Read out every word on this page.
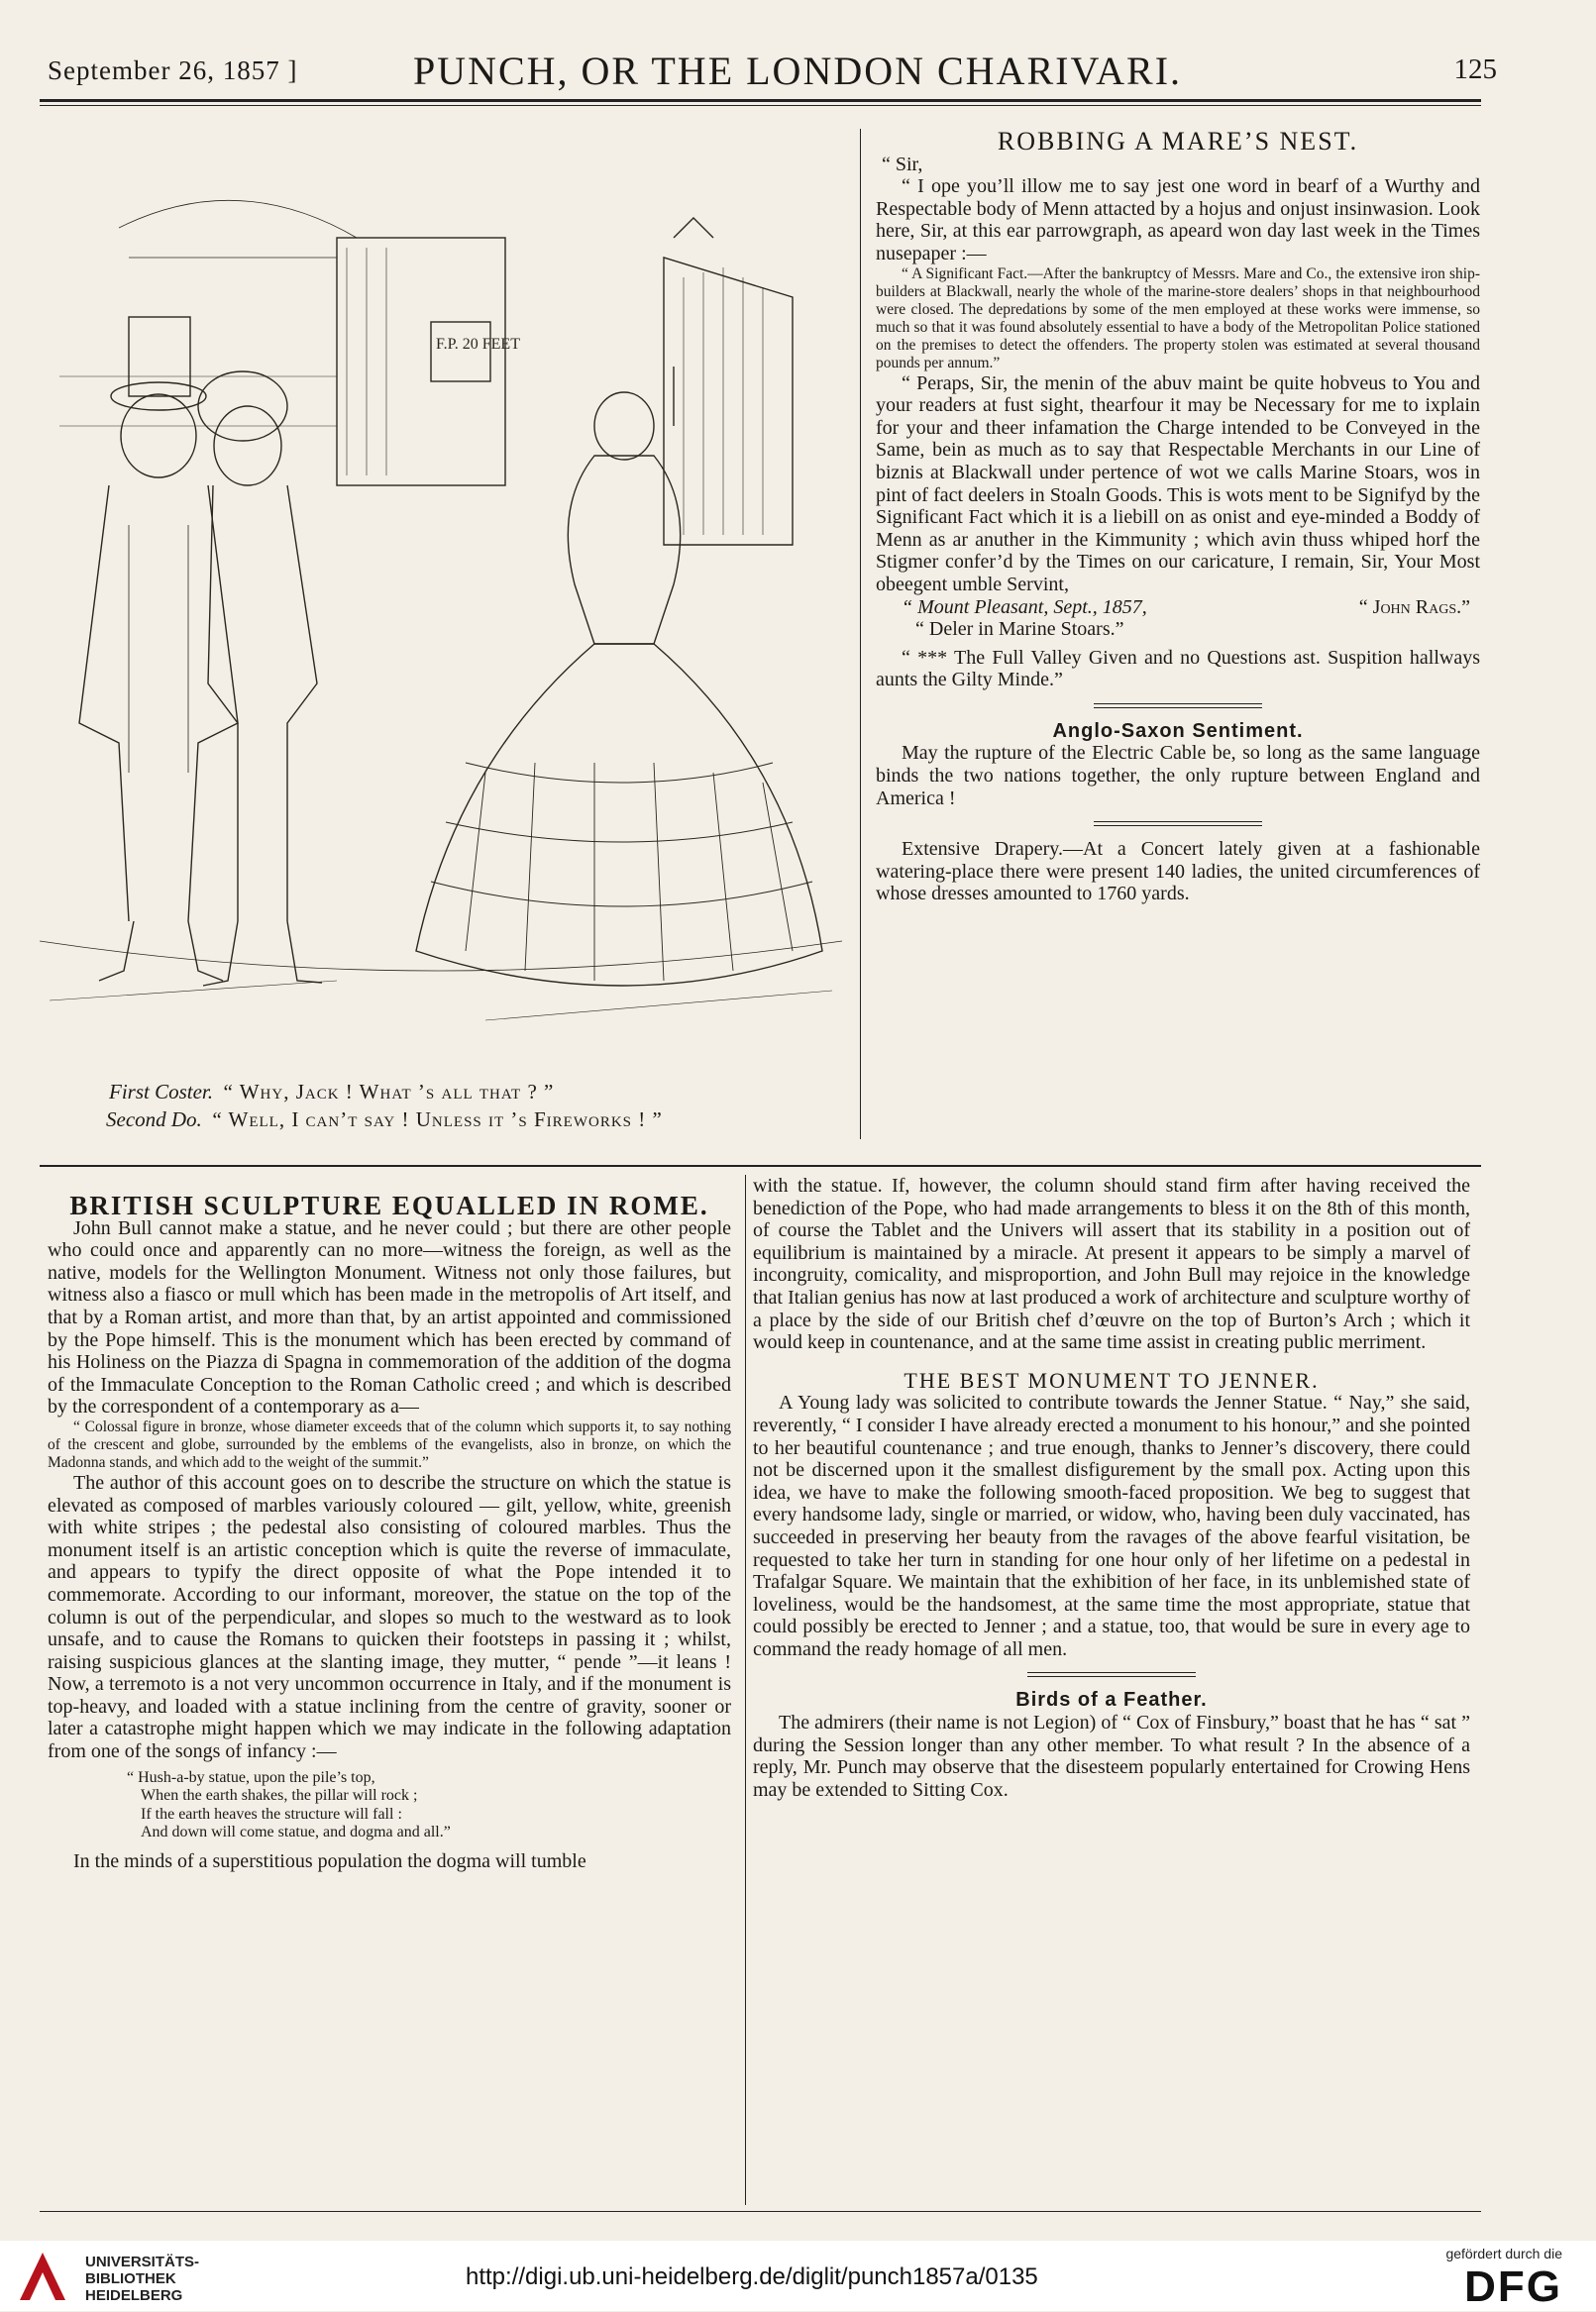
September 26, 1857 ]	PUNCH, OR THE LONDON CHARIVARI.	125
F.P. 20 FEET
First Coster. “ Why, Jack ! What ’s all that ? ”
Second Do. “ Well, I can’t say ! Unless it ’s Fireworks ! ”

ROBBING A MARE’S NEST.

“ Sir,

“ I ope you’ll illow me to say jest one word in bearf of a Wurthy and Respectable body of Menn attacted by a hojus and onjust insinwasion. Look here, Sir, at this ear parrowgraph, as apeard won day last week in the Times nusepaper :—

“ A Significant Fact.—After the bankruptcy of Messrs. Mare and Co., the extensive iron ship-builders at Blackwall, nearly the whole of the marine-store dealers’ shops in that neighbourhood were closed. The depredations by some of the men employed at these works were immense, so much so that it was found absolutely essential to have a body of the Metropolitan Police stationed on the premises to detect the offenders. The property stolen was estimated at several thousand pounds per annum.”

“ Peraps, Sir, the menin of the abuv maint be quite hobveus to You and your readers at fust sight, thearfour it may be Necessary for me to ixplain for your and theer infamation the Charge intended to be Conveyed in the Same, bein as much as to say that Respectable Merchants in our Line of biznis at Blackwall under pertence of wot we calls Marine Stoars, wos in pint of fact deelers in Stoaln Goods. This is wots ment to be Signifyd by the Significant Fact which it is a liebill on as onist and eye-minded a Boddy of Menn as ar anuther in the Kimmunity ; which avin thuss whiped horf the Stigmer confer’d by the Times on our caricature, I remain, Sir, Your Most obeegent umble Servint,

“ Mount Pleasant, Sept., 1857,	“ John Rags.”

“ Deler in Marine Stoars.”

“ *** The Full Valley Given and no Questions ast. Suspition hallways aunts the Gilty Minde.”

Anglo-Saxon Sentiment.

May the rupture of the Electric Cable be, so long as the same language binds the two nations together, the only rupture between England and America !

Extensive Drapery.—At a Concert lately given at a fashionable watering-place there were present 140 ladies, the united circumferences of whose dresses amounted to 1760 yards.

BRITISH SCULPTURE EQUALLED IN ROME.

John Bull cannot make a statue, and he never could ; but there are other people who could once and apparently can no more—witness the foreign, as well as the native, models for the Wellington Monument. Witness not only those failures, but witness also a fiasco or mull which has been made in the metropolis of Art itself, and that by a Roman artist, and more than that, by an artist appointed and commissioned by the Pope himself. This is the monument which has been erected by command of his Holiness on the Piazza di Spagna in commemoration of the addition of the dogma of the Immaculate Conception to the Roman Catholic creed ; and which is described by the correspondent of a contemporary as a—

“ Colossal figure in bronze, whose diameter exceeds that of the column which supports it, to say nothing of the crescent and globe, surrounded by the emblems of the evangelists, also in bronze, on which the Madonna stands, and which add to the weight of the summit.”

The author of this account goes on to describe the structure on which the statue is elevated as composed of marbles variously coloured — gilt, yellow, white, greenish with white stripes ; the pedestal also consisting of coloured marbles. Thus the monument itself is an artistic conception which is quite the reverse of immaculate, and appears to typify the direct opposite of what the Pope intended it to commemorate. According to our informant, moreover, the statue on the top of the column is out of the perpendicular, and slopes so much to the westward as to look unsafe, and to cause the Romans to quicken their footsteps in passing it ; whilst, raising suspicious glances at the slanting image, they mutter, “ pende ”—it leans ! Now, a terremoto is a not very uncommon occurrence in Italy, and if the monument is top-heavy, and loaded with a statue inclining from the centre of gravity, sooner or later a catastrophe might happen which we may indicate in the following adaptation from one of the songs of infancy :—

“ Hush-a-by statue, upon the pile’s top,
When the earth shakes, the pillar will rock ;
If the earth heaves the structure will fall :
And down will come statue, and dogma and all.”

In the minds of a superstitious population the dogma will tumble

with the statue. If, however, the column should stand firm after having received the benediction of the Pope, who had made arrangements to bless it on the 8th of this month, of course the Tablet and the Univers will assert that its stability in a position out of equilibrium is maintained by a miracle. At present it appears to be simply a marvel of incongruity, comicality, and misproportion, and John Bull may rejoice in the knowledge that Italian genius has now at last produced a work of architecture and sculpture worthy of a place by the side of our British chef d’œuvre on the top of Burton’s Arch ; which it would keep in countenance, and at the same time assist in creating public merriment.

THE BEST MONUMENT TO JENNER.

A Young lady was solicited to contribute towards the Jenner Statue. “ Nay,” she said, reverently, “ I consider I have already erected a monument to his honour,” and she pointed to her beautiful countenance ; and true enough, thanks to Jenner’s discovery, there could not be discerned upon it the smallest disfigurement by the small pox. Acting upon this idea, we have to make the following smooth-faced proposition. We beg to suggest that every handsome lady, single or married, or widow, who, having been duly vaccinated, has succeeded in preserving her beauty from the ravages of the above fearful visitation, be requested to take her turn in standing for one hour only of her lifetime on a pedestal in Trafalgar Square. We maintain that the exhibition of her face, in its unblemished state of loveliness, would be the handsomest, at the same time the most appropriate, statue that could possibly be erected to Jenner ; and a statue, too, that would be sure in every age to command the ready homage of all men.

Birds of a Feather.

The admirers (their name is not Legion) of “ Cox of Finsbury,” boast that he has “ sat ” during the Session longer than any other member. To what result ? In the absence of a reply, Mr. Punch may observe that the disesteem popularly entertained for Crowing Hens may be extended to Sitting Cox.

UNIVERSITÄTS-
BIBLIOTHEK
HEIDELBERG
http://digi.ub.uni-heidelberg.de/diglit/punch1857a/0135
gefördert durch die
DFG
